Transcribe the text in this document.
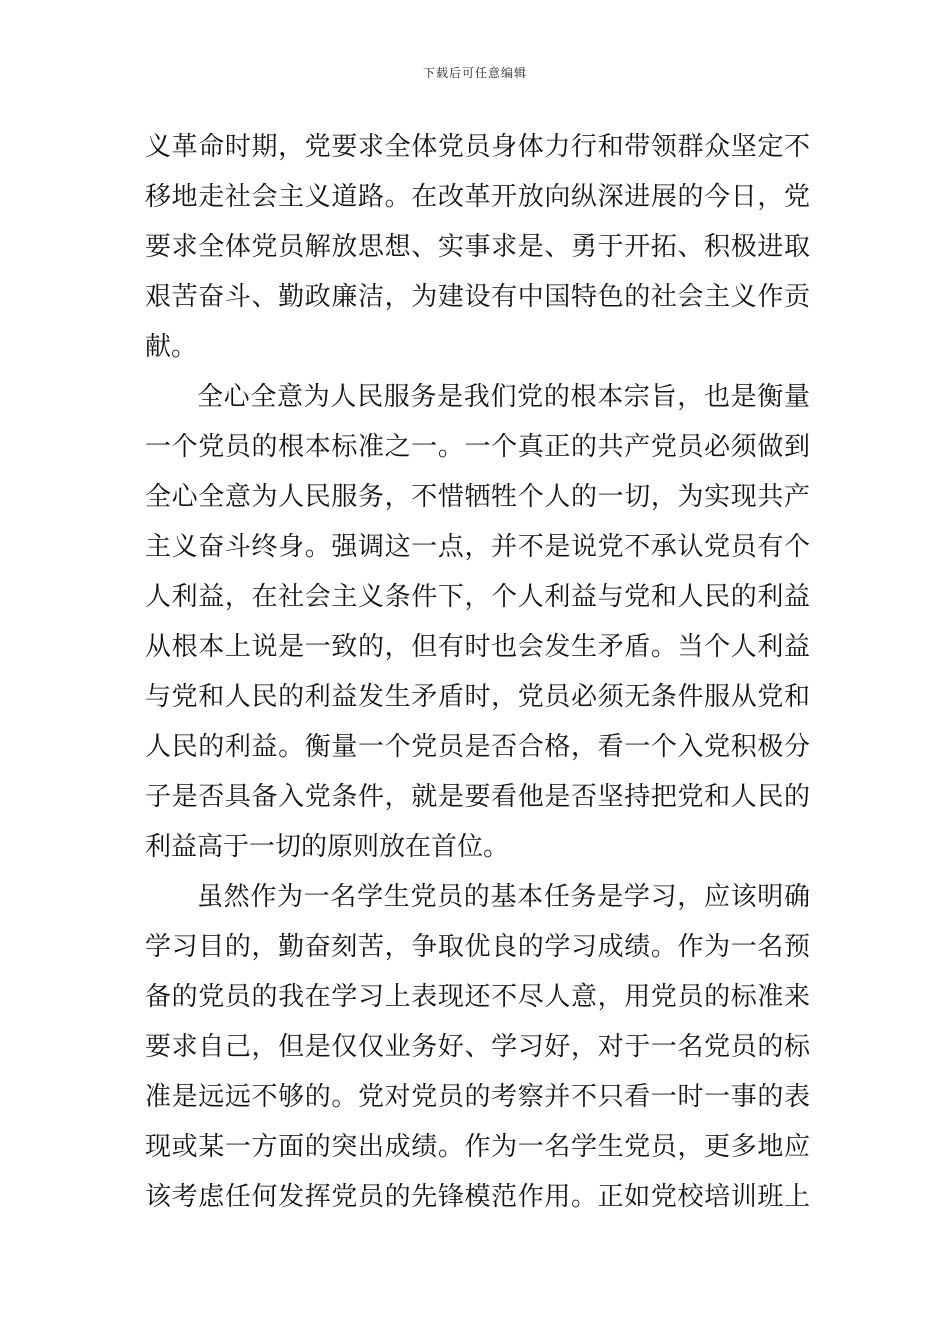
下载后可任意编辑
义革命时期，党要求全体党员身体力行和带领群众坚定不
移地走社会主义道路。在改革开放向纵深进展的今日，党
要求全体党员解放思想、实事求是、勇于开拓、积极进取
艰苦奋斗、勤政廉洁，为建设有中国特色的社会主义作贡
献。
全心全意为人民服务是我们党的根本宗旨，也是衡量
一个党员的根本标准之一。一个真正的共产党员必须做到
全心全意为人民服务，不惜牺牲个人的一切，为实现共产
主义奋斗终身。强调这一点，并不是说党不承认党员有个
人利益，在社会主义条件下，个人利益与党和人民的利益
从根本上说是一致的，但有时也会发生矛盾。当个人利益
与党和人民的利益发生矛盾时，党员必须无条件服从党和
人民的利益。衡量一个党员是否合格，看一个入党积极分
子是否具备入党条件，就是要看他是否坚持把党和人民的
利益高于一切的原则放在首位。
虽然作为一名学生党员的基本任务是学习，应该明确
学习目的，勤奋刻苦，争取优良的学习成绩。作为一名预
备的党员的我在学习上表现还不尽人意，用党员的标准来
要求自己，但是仅仅业务好、学习好，对于一名党员的标
准是远远不够的。党对党员的考察并不只看一时一事的表
现或某一方面的突出成绩。作为一名学生党员，更多地应
该考虑任何发挥党员的先锋模范作用。正如党校培训班上
